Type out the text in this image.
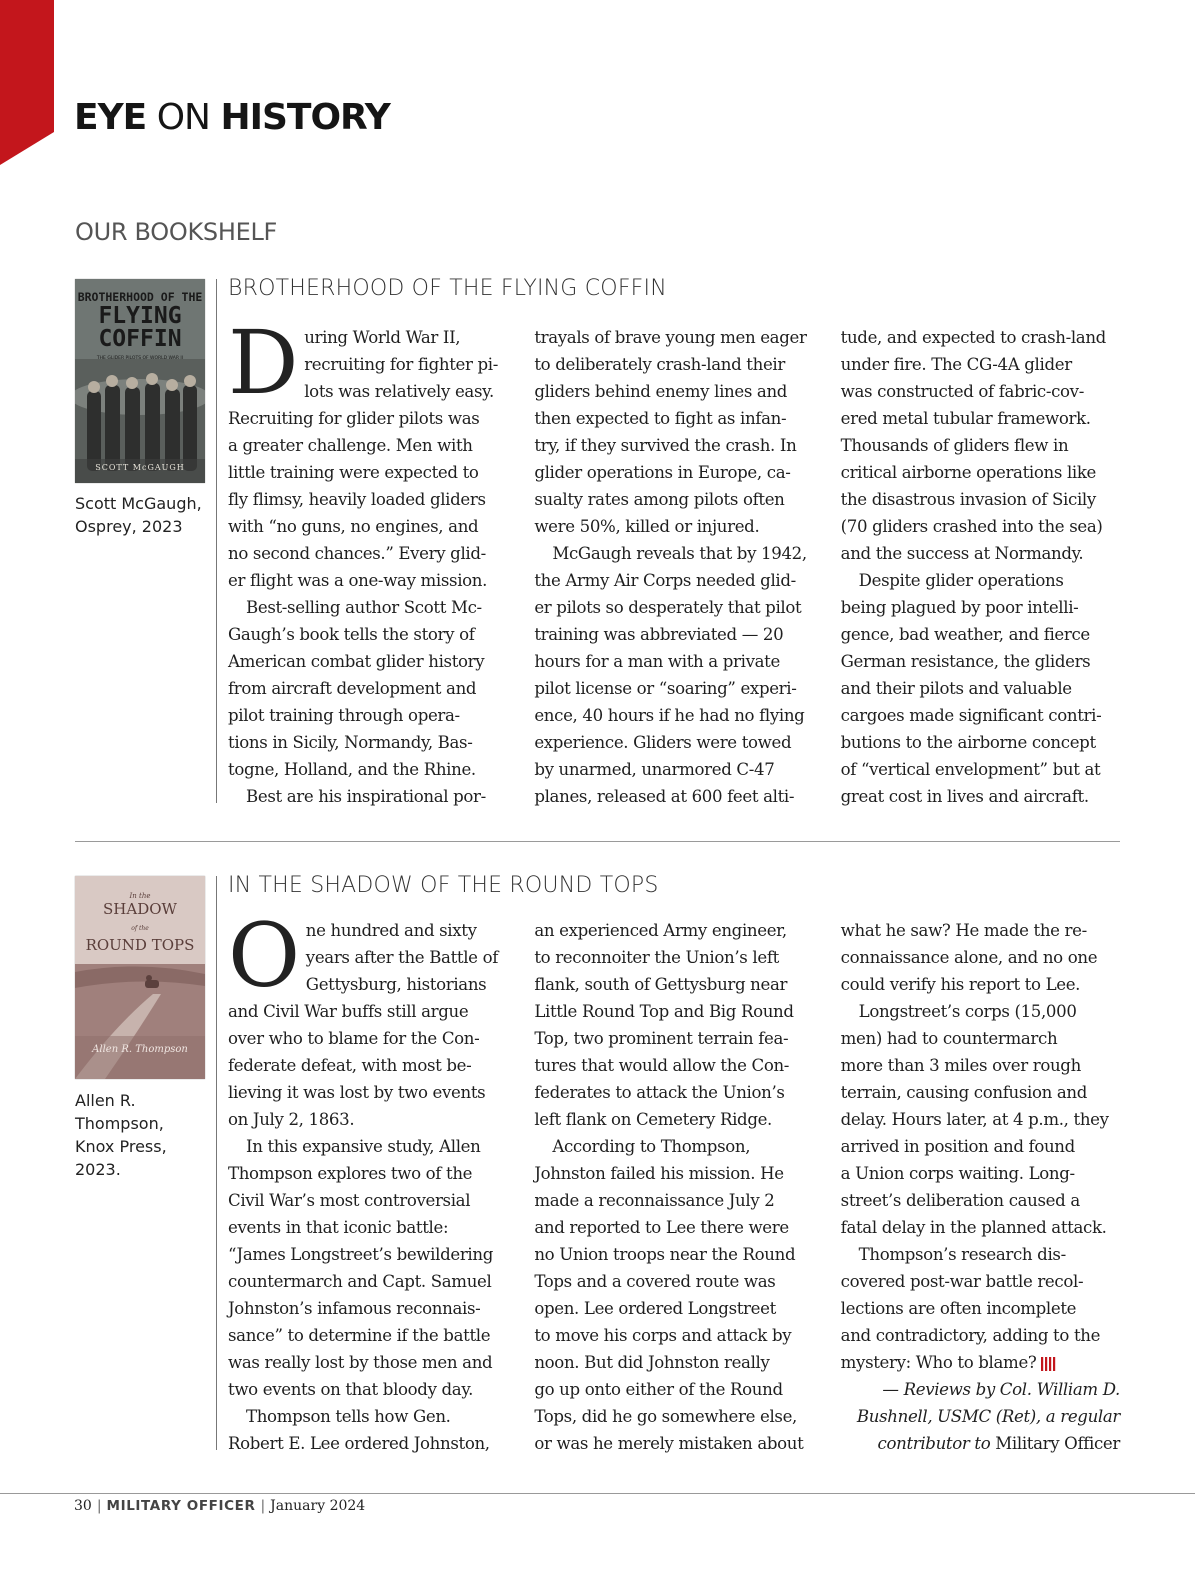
EYE ON HISTORY
OUR BOOKSHELF
BROTHERHOOD OF THE
FLYING
COFFIN
THE GLIDER PILOTS OF WORLD WAR II
SCOTT McGAUGH
Scott McGaugh,
Osprey, 2023
BROTHERHOOD OF THE FLYING COFFIN
D uring World War II,
recruiting for fighter pi-
lots was relatively easy.
Recruiting for glider pilots was
a greater challenge. Men with
little training were expected to
fly flimsy, heavily loaded gliders
with “no guns, no engines, and
no second chances.” Every glid-
er flight was a one-way mission.
Best-selling author Scott Mc-
Gaugh’s book tells the story of
American combat glider history
from aircraft development and
pilot training through opera-
tions in Sicily, Normandy, Bas-
togne, Holland, and the Rhine.
Best are his inspirational por-
trayals of brave young men eager
to deliberately crash-land their
gliders behind enemy lines and
then expected to fight as infan-
try, if they survived the crash. In
glider operations in Europe, ca-
sualty rates among pilots often
were 50%, killed or injured.
McGaugh reveals that by 1942,
the Army Air Corps needed glid-
er pilots so desperately that pilot
training was abbreviated — 20
hours for a man with a private
pilot license or “soaring” experi-
ence, 40 hours if he had no flying
experience. Gliders were towed
by unarmed, unarmored C-47
planes, released at 600 feet alti-
tude, and expected to crash-land
under fire. The CG-4A glider
was constructed of fabric-cov-
ered metal tubular framework.
Thousands of gliders flew in
critical airborne operations like
the disastrous invasion of Sicily
(70 gliders crashed into the sea)
and the success at Normandy.
Despite glider operations
being plagued by poor intelli-
gence, bad weather, and fierce
German resistance, the gliders
and their pilots and valuable
cargoes made significant contri-
butions to the airborne concept
of “vertical envelopment” but at
great cost in lives and aircraft.
In the
SHADOW
of the
ROUND TOPS
Allen R. Thompson
Allen R.
Thompson,
Knox Press,
2023.
IN THE SHADOW OF THE ROUND TOPS
O ne hundred and sixty
years after the Battle of
Gettysburg, historians
and Civil War buffs still argue
over who to blame for the Con-
federate defeat, with most be-
lieving it was lost by two events
on July 2, 1863.
In this expansive study, Allen
Thompson explores two of the
Civil War’s most controversial
events in that iconic battle:
“James Longstreet’s bewildering
countermarch and Capt. Samuel
Johnston’s infamous reconnais-
sance” to determine if the battle
was really lost by those men and
two events on that bloody day.
Thompson tells how Gen.
Robert E. Lee ordered Johnston,
an experienced Army engineer,
to reconnoiter the Union’s left
flank, south of Gettysburg near
Little Round Top and Big Round
Top, two prominent terrain fea-
tures that would allow the Con-
federates to attack the Union’s
left flank on Cemetery Ridge.
According to Thompson,
Johnston failed his mission. He
made a reconnaissance July 2
and reported to Lee there were
no Union troops near the Round
Tops and a covered route was
open. Lee ordered Longstreet
to move his corps and attack by
noon. But did Johnston really
go up onto either of the Round
Tops, did he go somewhere else,
or was he merely mistaken about
what he saw? He made the re-
connaissance alone, and no one
could verify his report to Lee.
Longstreet’s corps (15,000
men) had to countermarch
more than 3 miles over rough
terrain, causing confusion and
delay. Hours later, at 4 p.m., they
arrived in position and found
a Union corps waiting. Long-
street’s deliberation caused a
fatal delay in the planned attack.
Thompson’s research dis-
covered post-war battle recol-
lections are often incomplete
and contradictory, adding to the
mystery: Who to blame?

— Reviews by Col. William D.
Bushnell, USMC (Ret), a regular
contributor to Military Officer
30 | MILITARY OFFICER | January 2024
